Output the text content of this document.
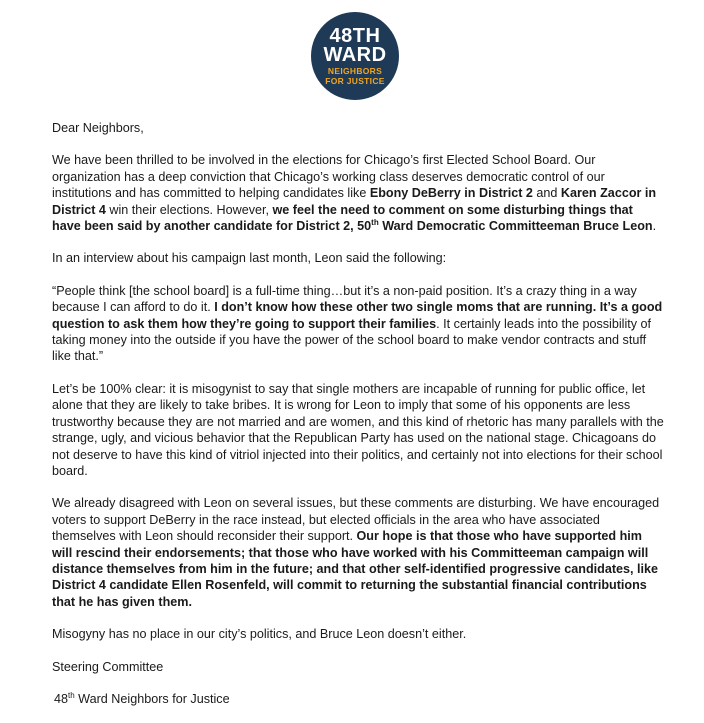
48TH
WARD
NEIGHBORS
FOR JUSTICE

Dear Neighbors,

We have been thrilled to be involved in the elections for Chicago’s first Elected School Board. Our organization has a deep conviction that Chicago’s working class deserves democratic control of our institutions and has committed to helping candidates like Ebony DeBerry in District 2 and Karen Zaccor in District 4 win their elections. However, we feel the need to comment on some disturbing things that have been said by another candidate for District 2, 50th Ward Democratic Committeeman Bruce Leon.

In an interview about his campaign last month, Leon said the following:

“People think [the school board] is a full-time thing…but it’s a non-paid position. It’s a crazy thing in a way because I can afford to do it. I don’t know how these other two single moms that are running. It’s a good question to ask them how they’re going to support their families. It certainly leads into the possibility of taking money into the outside if you have the power of the school board to make vendor contracts and stuff like that.”

Let’s be 100% clear: it is misogynist to say that single mothers are incapable of running for public office, let alone that they are likely to take bribes. It is wrong for Leon to imply that some of his opponents are less trustworthy because they are not married and are women, and this kind of rhetoric has many parallels with the strange, ugly, and vicious behavior that the Republican Party has used on the national stage. Chicagoans do not deserve to have this kind of vitriol injected into their politics, and certainly not into elections for their school board.

We already disagreed with Leon on several issues, but these comments are disturbing. We have encouraged voters to support DeBerry in the race instead, but elected officials in the area who have associated themselves with Leon should reconsider their support. Our hope is that those who have supported him will rescind their endorsements; that those who have worked with his Committeeman campaign will distance themselves from him in the future; and that other self-identified progressive candidates, like District 4 candidate Ellen Rosenfeld, will commit to returning the substantial financial contributions that he has given them.

Misogyny has no place in our city’s politics, and Bruce Leon doesn’t either.

Steering Committee

48th Ward Neighbors for Justice
